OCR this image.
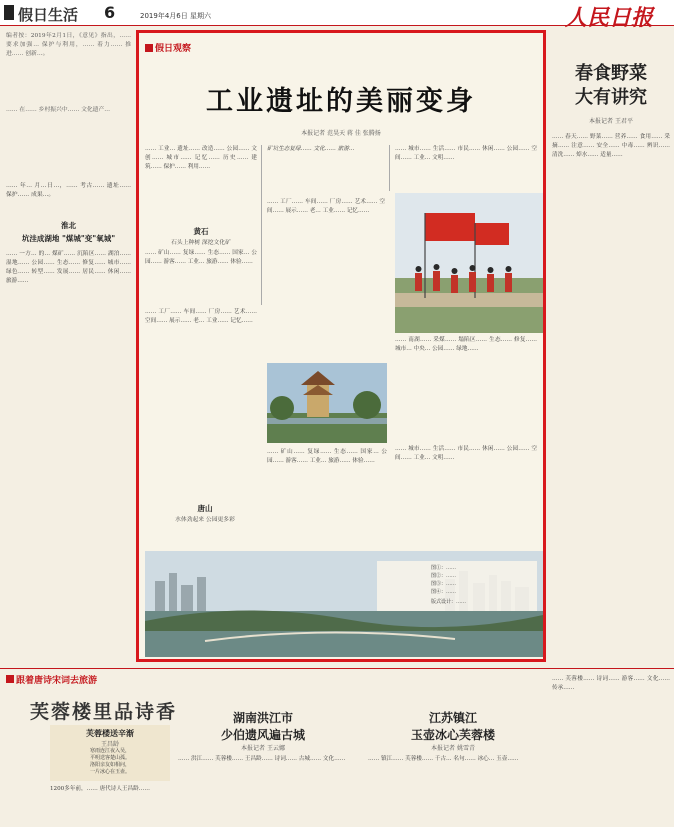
假日生活 6	2019年4月6日 星期六	人民日报
编者按：2019年2月1日，《意见》指出，…… 要求加强… 保护与利用，…… 着力…… 推进…… 创新…。
…… 在…… 乡村振兴中…… 文化遗产…
…… 年… 月…日…，…… 考古…… 遗址…… 保护…… 成果…。
淮北
坑洼成湖地 "煤城"变"氧城"
…… 一方… 的… 煤矿…… 沉陷区…… 湖泊…… 湿地…… 公园…… 生态…… 修复…… 城市…… 绿色…… 转型…… 发展…… 居民…… 休闲…… 旅游……
假日观察
工业遗址的美丽变身
本报记者 范昊天 蒋 佳 张腾扬
…… 工业… 遗址…… 改造…… 公园…… 文创…… 城市…… 记忆…… 历史…… 建筑…… 保护…… 利用……
黄石
石头上种树 深挖文化矿
…… 矿山…… 复绿…… 生态…… 国家… 公园…… 游客…… 工业… 旅游…… 体验……
矿坑生态复绿…… 文化…… 旅游…
…… 工厂…… 车间…… 厂房…… 艺术…… 空间…… 展示…… 老… 工业…… 记忆……
…… 城市…… 生活…… 市民…… 休闲…… 公园…… 空间…… 工业… 文明……
…… 南湖…… 采煤…… 塌陷区…… 生态…… 修复…… 城市… 中央… 公园…… 绿地……
唐山
水体劲起来 公园更多彩
…… 工厂…… 车间…… 厂房…… 艺术…… 空间…… 展示…… 老… 工业…… 记忆……
…… 矿山…… 复绿…… 生态…… 国家… 公园…… 游客…… 工业… 旅游…… 体验……
…… 城市…… 生活…… 市民…… 休闲…… 公园…… 空间…… 工业… 文明……
图①：……
图②：……
图③：……
图④：……
版式设计：……
春食野菜
大有讲究
本报记者 王君平
…… 春天…… 野菜…… 营养…… 食用…… 采摘…… 注意…… 安全…… 中毒…… 辨识…… 清洗…… 焯水…… 适量……
跟着唐诗宋词去旅游
芙蓉楼里品诗香
芙蓉楼送辛渐
王昌龄
寒雨连江夜入吴，
平明送客楚山孤。
洛阳亲友如相问，
一片冰心在玉壶。
1200多年前，…… 唐代诗人王昌龄……
湖南洪江市
少伯遗风遍古城
本报记者 王云娜
…… 洪江…… 芙蓉楼…… 王昌龄…… 诗词…… 古城…… 文化……
江苏镇江
玉壶冰心芙蓉楼
本报记者 姚雪青
…… 镇江…… 芙蓉楼…… 千古… 名句…… 冰心… 玉壶……
…… 芙蓉楼…… 诗词…… 游客…… 文化…… 传承……
